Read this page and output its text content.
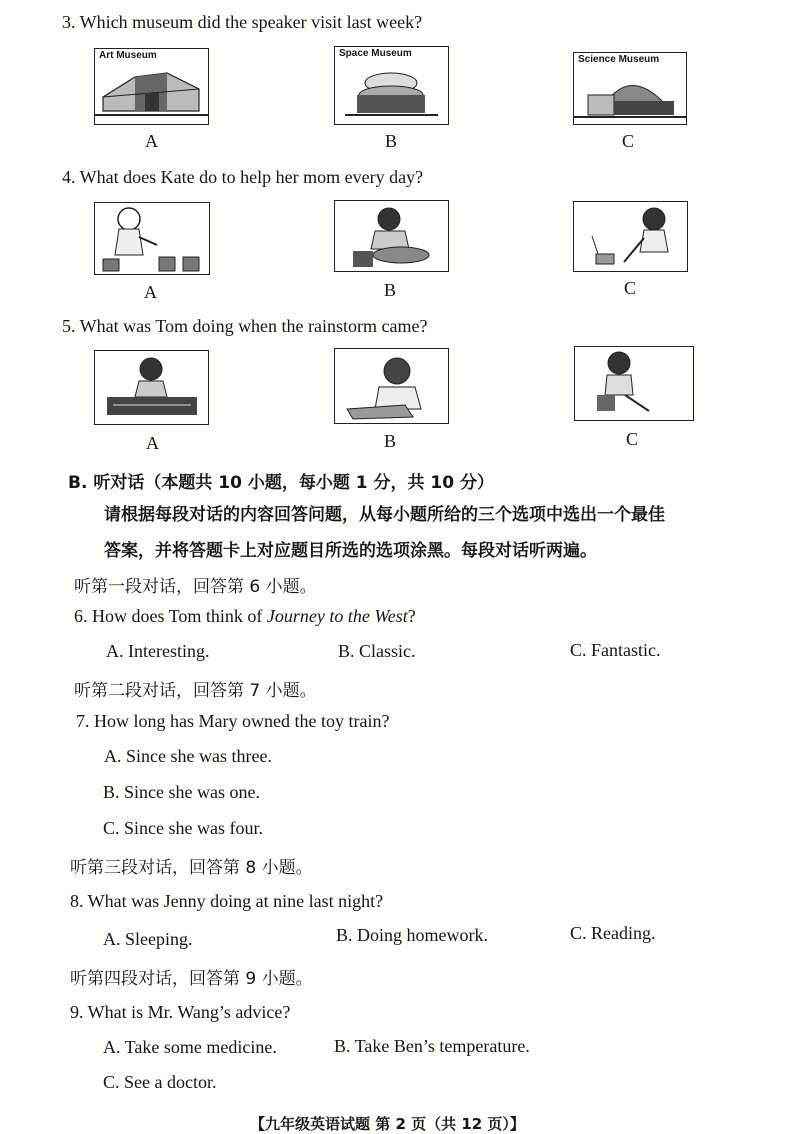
3. Which museum did the speaker visit last week?
Art Museum
A
Space Museum
B
Science Museum
C
4. What does Kate do to help her mom every day?
A	B	C
5. What was Tom doing when the rainstorm came?
A	B	C
B. 听对话（本题共 10 小题，每小题 1 分，共 10 分）
请根据每段对话的内容回答问题，从每小题所给的三个选项中选出一个最佳
答案，并将答题卡上对应题目所选的选项涂黑。每段对话听两遍。
听第一段对话，回答第 6 小题。
6. How does Tom think of Journey to the West?
A. Interesting.	B. Classic.	C. Fantastic.
听第二段对话，回答第 7 小题。
7. How long has Mary owned the toy train?
A. Since she was three.
B. Since she was one.
C. Since she was four.
听第三段对话，回答第 8 小题。
8. What was Jenny doing at nine last night?
A. Sleeping.	B. Doing homework.	C. Reading.
听第四段对话，回答第 9 小题。
9. What is Mr. Wang’s advice?
A. Take some medicine.	B. Take Ben’s temperature.
C. See a doctor.
【九年级英语试题 第 2 页（共 12 页）】
